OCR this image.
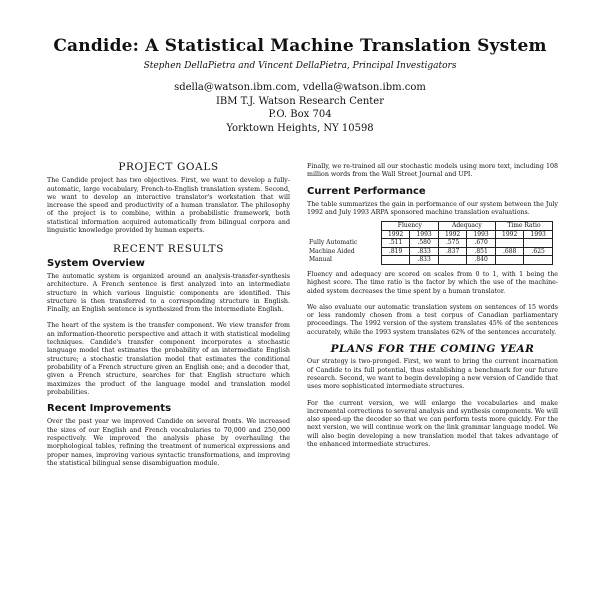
Candide: A Statistical Machine Translation System
Stephen DellaPietra and Vincent DellaPietra, Principal Investigators
sdella@watson.ibm.com, vdella@watson.ibm.com
IBM T.J. Watson Research Center
P.O. Box 704
Yorktown Heights, NY 10598
PROJECT GOALS

The Candide project has two objectives. First, we want to develop a fully-automatic, large vocabulary, French-to-English translation system. Second, we want to develop an interactive translator's workstation that will increase the speed and productivity of a human translator. The philosophy of the project is to combine, within a probabilistic framework, both statistical information acquired automatically from bilingual corpora and linguistic knowledge provided by human experts.

RECENT RESULTS
System Overview

The automatic system is organized around an analysis-transfer-synthesis architecture. A French sentence is first analyzed into an intermediate structure in which various linguistic components are identified. This structure is then transferred to a corresponding structure in English. Finally, an English sentence is synthesized from the intermediate English.

The heart of the system is the transfer component. We view transfer from an information-theoretic perspective and attach it with statistical modeling techniques. Candide's transfer component incorporates a stochastic language model that estimates the probability of an intermediate English structure; a stochastic translation model that estimates the conditional probability of a French structure given an English one; and a decoder that, given a French structure, searches for that English structure which maximizes the product of the language model and translation model probabilities.

Recent Improvements

Over the past year we improved Candide on several fronts. We increased the sizes of our English and French vocabularies to 70,000 and 250,000 respectively. We improved the analysis phase by overhauling the morphological tables, refining the treatment of numerical expressions and proper names, improving various syntactic transformations, and improving the statistical bilingual sense disambiguation module.

Finally, we re-trained all our stochastic models using more text, including 108 million words from the Wall Street Journal and UPI.

Current Performance

The table summarizes the gain in performance of our system between the July 1992 and July 1993 ARPA sponsored machine translation evaluations.

	Fluency		Adequacy		Time Ratio	
	1992	1993	1992	1993	1992	1993
Fully Automatic	.511	.580	.575	.670		
Machine Aided	.819	.833	.837	.851	.688	.625
Manual		.833		.840		

Fluency and adequacy are scored on scales from 0 to 1, with 1 being the highest score. The time ratio is the factor by which the use of the machine-aided system decreases the time spent by a human translator.

We also evaluate our automatic translation system on sentences of 15 words or less randomly chosen from a test corpus of Canadian parliamentary proceedings. The 1992 version of the system translates 45% of the sentences accurately, while the 1993 system translates 62% of the sentences accurately.

PLANS FOR THE COMING YEAR

Our strategy is two-pronged. First, we want to bring the current incarnation of Candide to its full potential, thus establishing a benchmark for our future research. Second, we want to begin developing a new version of Candide that uses more sophisticated intermediate structures.

For the current version, we will enlarge the vocabularies and make incremental corrections to several analysis and synthesis components. We will also speed-up the decoder so that we can perform tests more quickly. For the next version, we will continue work on the link grammar language model. We will also begin developing a new translation model that takes advantage of the enhanced intermediate structures.
